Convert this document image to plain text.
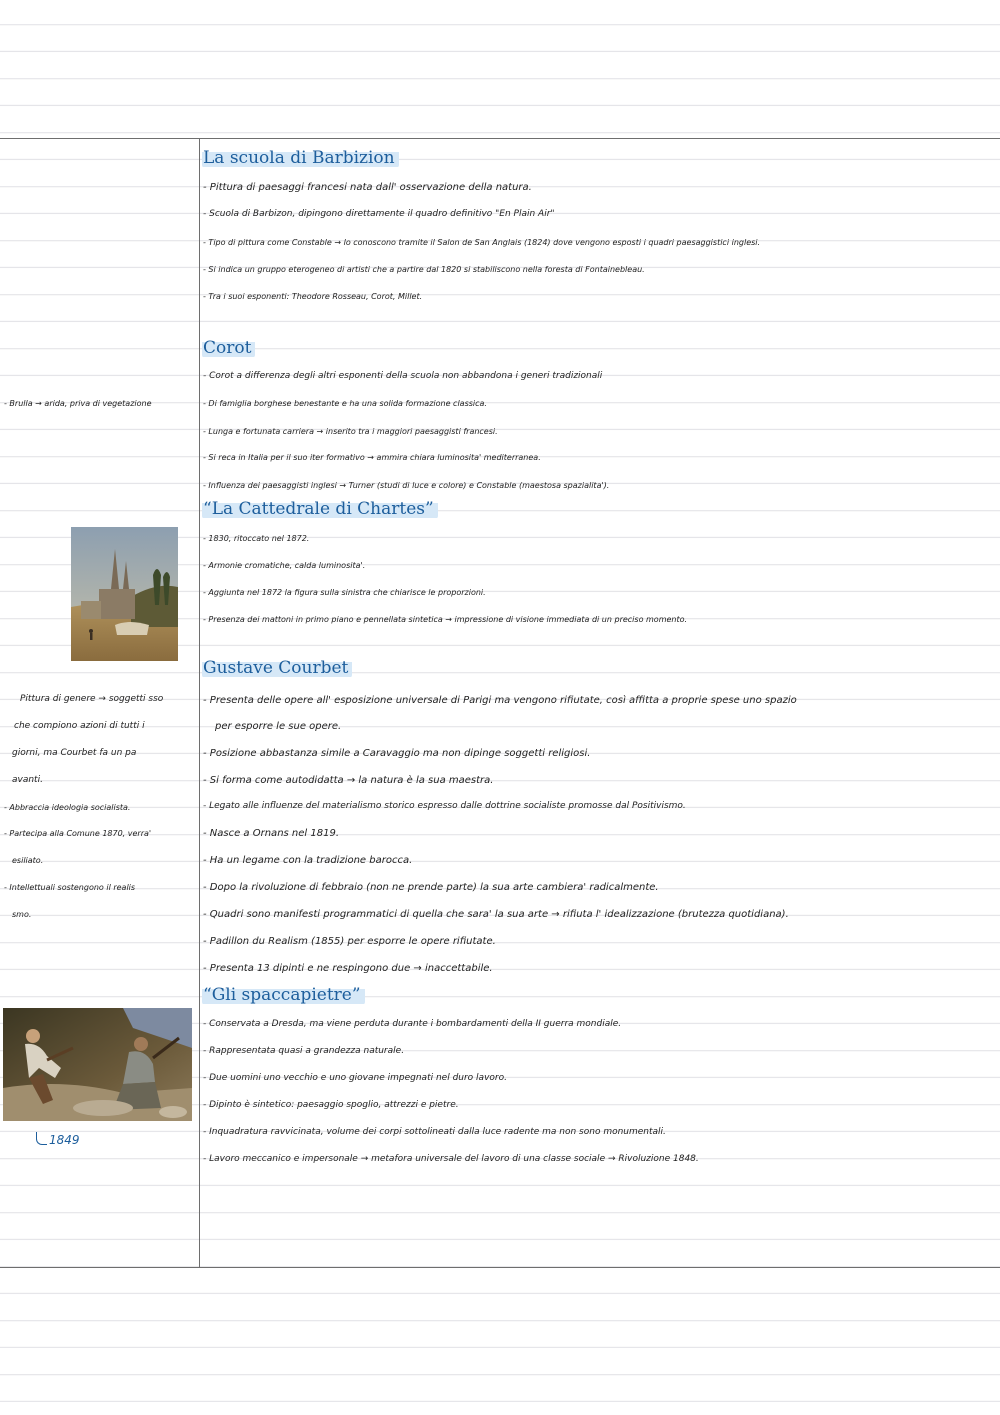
La scuola di Barbizion
- Pittura di paesaggi francesi nata dall' osservazione della natura.
- Scuola di Barbizon, dipingono direttamente il quadro definitivo "En Plain Air"
- Tipo di pittura come Constable → lo conoscono tramite il Salon de San Anglais (1824) dove vengono esposti i quadri paesaggistici inglesi.
- Si indica un gruppo eterogeneo di artisti che a partire dal 1820 si stabiliscono nella foresta di Fontainebleau.
- Tra i suoi esponenti: Theodore Rosseau, Corot, Millet.
Corot
- Corot a differenza degli altri esponenti della scuola non abbandona i generi tradizionali
- Di famiglia borghese benestante e ha una solida formazione classica.
- Lunga e fortunata carriera → inserito tra i maggiori paesaggisti francesi.
- Si reca in Italia per il suo iter formativo → ammira chiara luminosita' mediterranea.
- Influenza dei paesaggisti inglesi → Turner (studi di luce e colore) e Constable (maestosa spazialita').
- Brulla → arida, priva di vegetazione
“La Cattedrale di Chartes”
- 1830, ritoccato nel 1872.
- Armonie cromatiche, calda luminosita'.
- Aggiunta nel 1872 la figura sulla sinistra che chiarisce le proporzioni.
- Presenza dei mattoni in primo piano e pennellata sintetica → impressione di visione immediata di un preciso momento.
Gustave Courbet
- Presenta delle opere all' esposizione universale di Parigi ma vengono rifiutate, così affitta a proprie spese uno spazio
per esporre le sue opere.
- Posizione abbastanza simile a Caravaggio ma non dipinge soggetti religiosi.
- Si forma come autodidatta → la natura è la sua maestra.
- Legato alle influenze del materialismo storico espresso dalle dottrine socialiste promosse dal Positivismo.
- Nasce a Ornans nel 1819.
- Ha un legame con la tradizione barocca.
- Dopo la rivoluzione di febbraio (non ne prende parte) la sua arte cambiera' radicalmente.
- Quadri sono manifesti programmatici di quella che sara' la sua arte → rifiuta l' idealizzazione (brutezza quotidiana).
- Padillon du Realism (1855) per esporre le opere rifiutate.
- Presenta 13 dipinti e ne respingono due → inaccettabile.
Pittura di genere → soggetti sso
che compiono azioni di tutti i
giorni, ma Courbet fa un pa
avanti.
- Abbraccia ideologia socialista.
- Partecipa alla Comune 1870, verra'
esiliato.
- Intellettuali sostengono il realis
smo.
“Gli spaccapietre”
- Conservata a Dresda, ma viene perduta durante i bombardamenti della II guerra mondiale.
- Rappresentata quasi a grandezza naturale.
- Due uomini uno vecchio e uno giovane impegnati nel duro lavoro.
- Dipinto è sintetico: paesaggio spoglio, attrezzi e pietre.
- Inquadratura ravvicinata, volume dei corpi sottolineati dalla luce radente ma non sono monumentali.
- Lavoro meccanico e impersonale → metafora universale del lavoro di una classe sociale → Rivoluzione 1848.
1849
